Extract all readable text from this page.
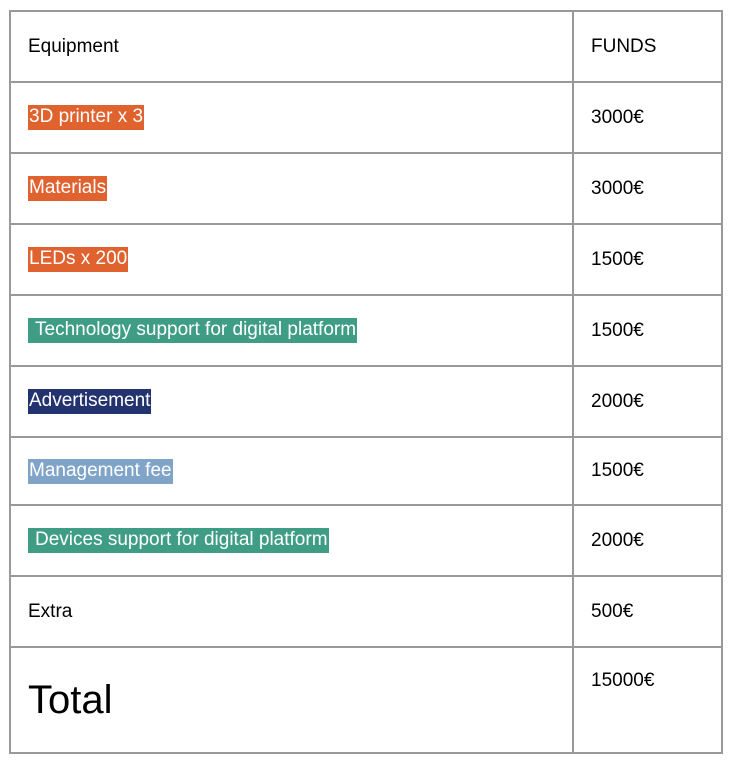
Equipment	FUNDS
3D printer x 3	3000€
Materials	3000€
LEDs x 200	1500€
Technology support for digital platform	1500€
Advertisement	2000€
Management fee	1500€
Devices support for digital platform	2000€
Extra	500€
Total	15000€
